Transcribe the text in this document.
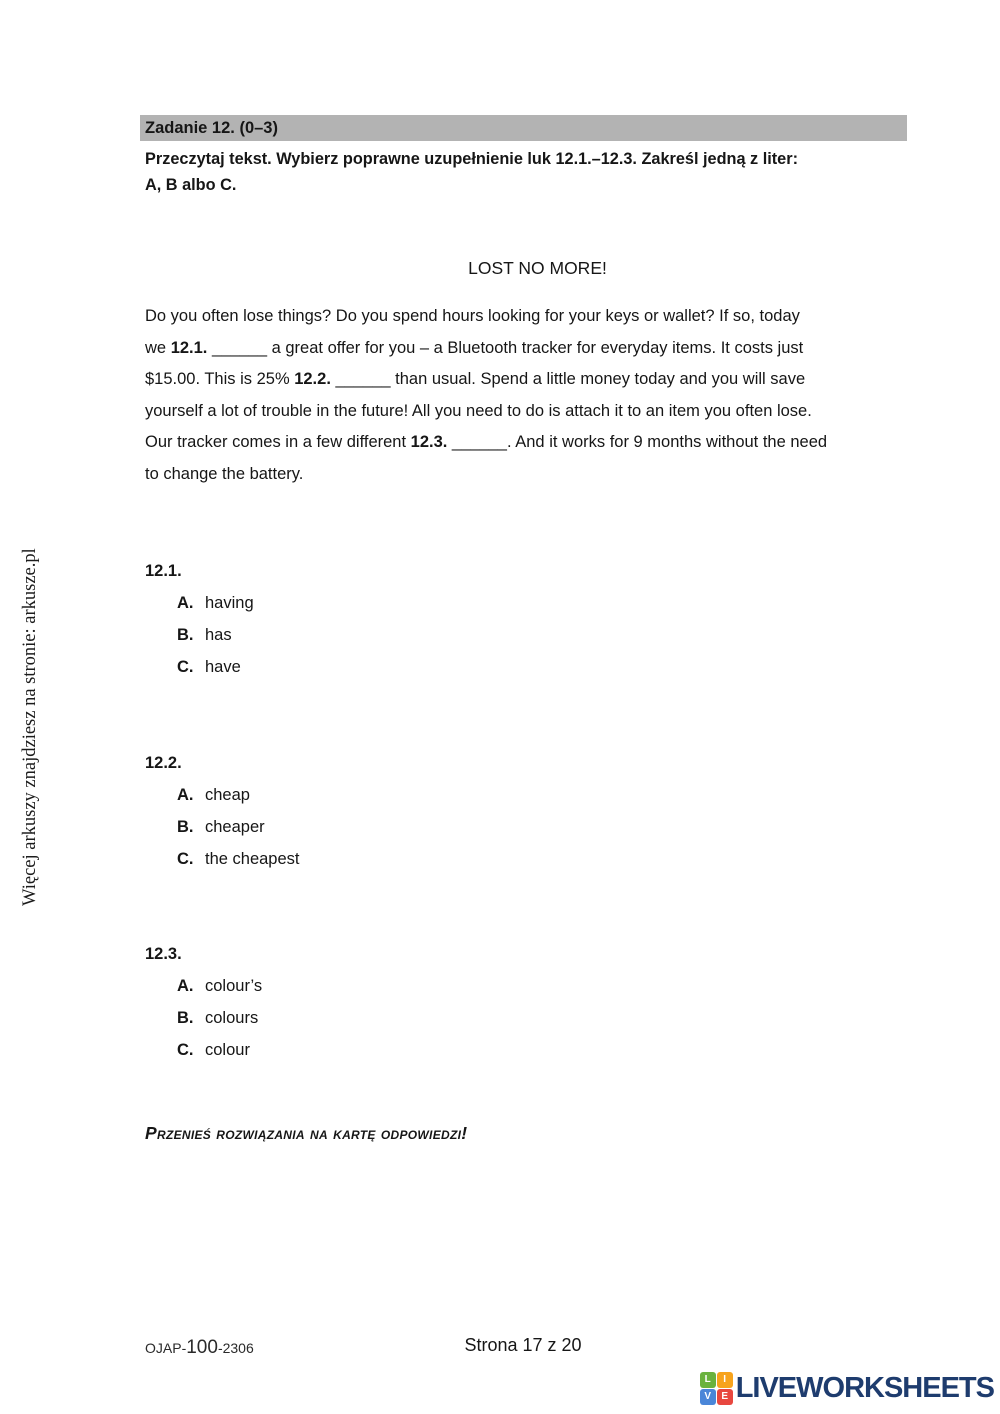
Więcej arkuszy znajdziesz na stronie: arkusze.pl
Zadanie 12. (0–3)
Przeczytaj tekst. Wybierz poprawne uzupełnienie luk 12.1.–12.3. Zakreśl jedną z liter:
A, B albo C.
LOST NO MORE!
Do you often lose things? Do you spend hours looking for your keys or wallet? If so, today
we 12.1. ______ a great offer for you – a Bluetooth tracker for everyday items. It costs just
$15.00. This is 25% 12.2. ______ than usual. Spend a little money today and you will save
yourself a lot of trouble in the future! All you need to do is attach it to an item you often lose.
Our tracker comes in a few different 12.3. ______. And it works for 9 months without the need
to change the battery.
12.1.
A. having
B. has
C. have
12.2.
A. cheap
B. cheaper
C. the cheapest
12.3.
A. colour’s
B. colours
C. colour
Przenieś rozwiązania na kartę odpowiedzi!
OJAP-100-2306	Strona 17 z 20
L	I
V	E LIVEWORKSHEETS
